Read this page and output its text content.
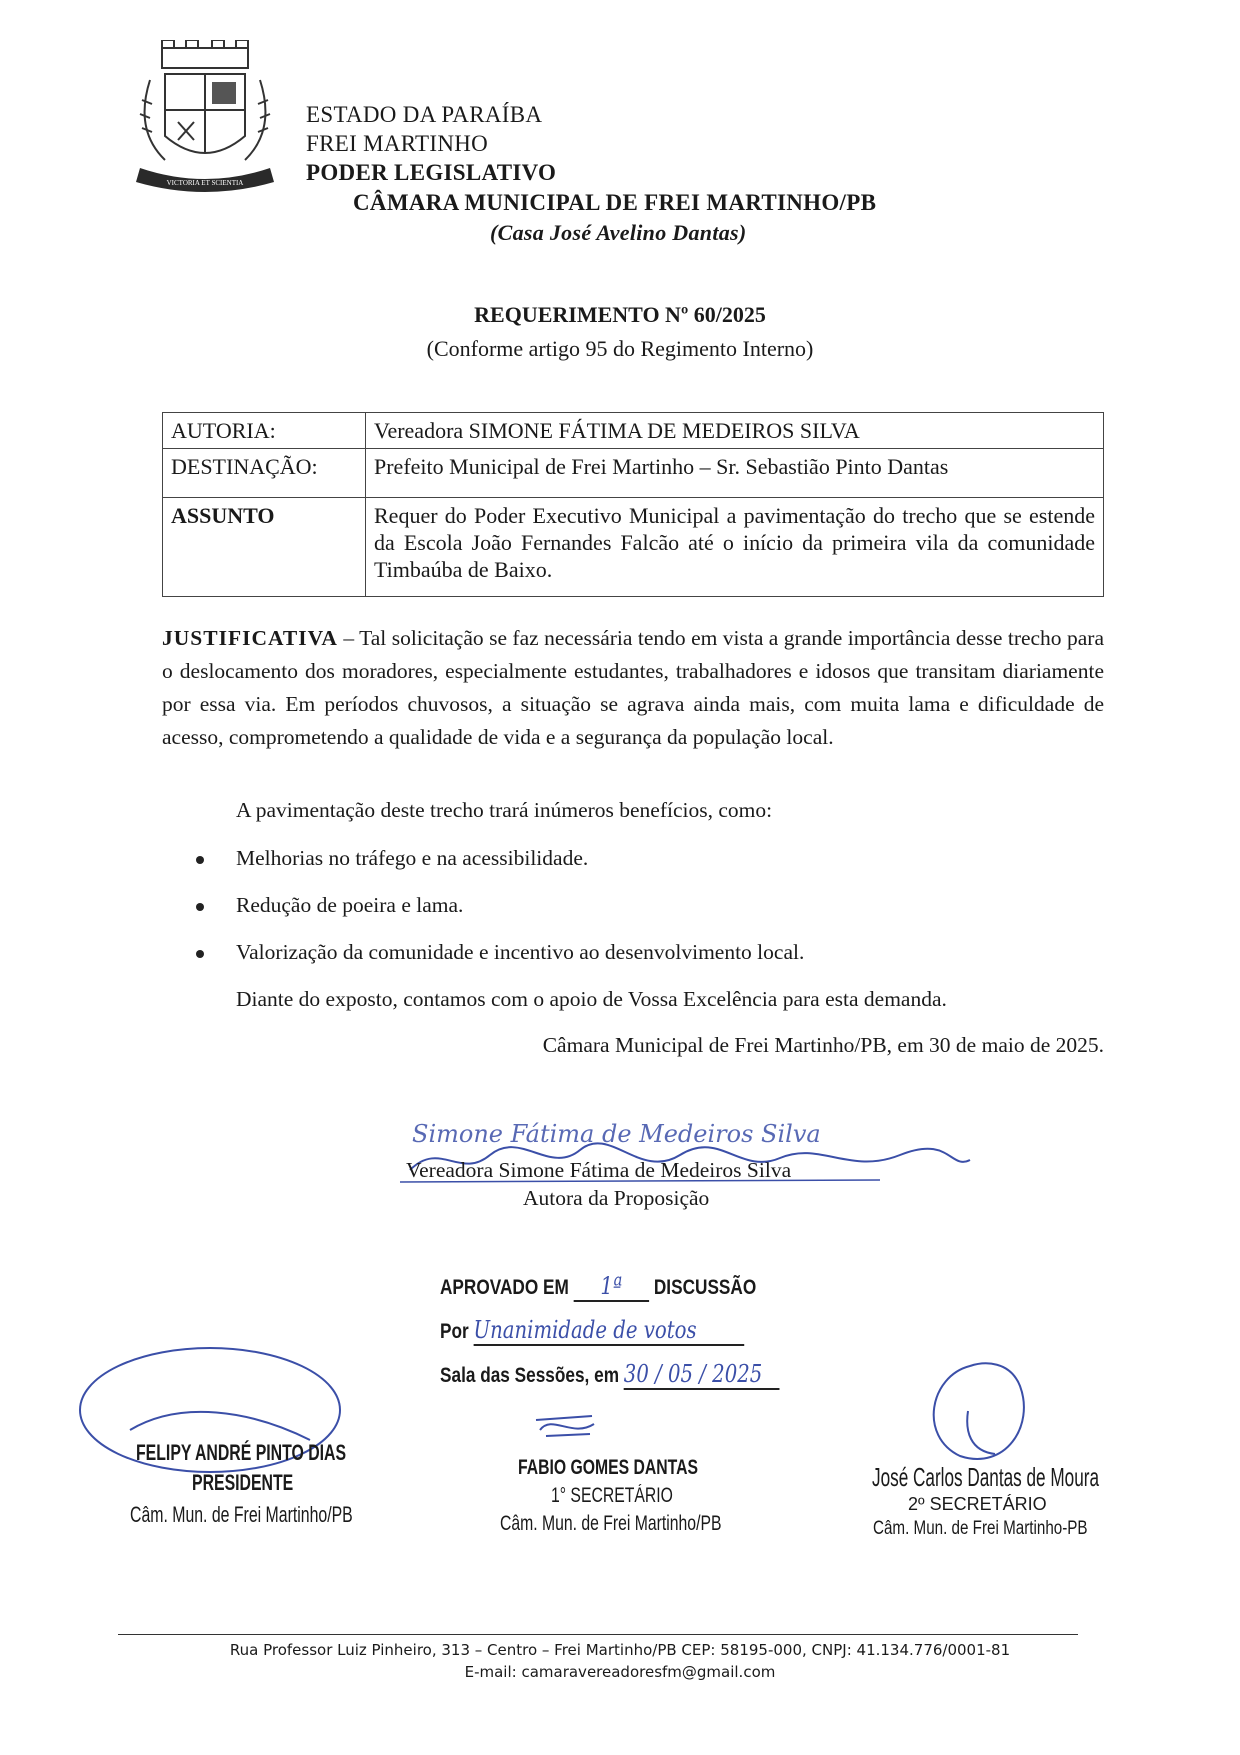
VICTORIA ET SCIENTIA
ESTADO DA PARAÍBA
FREI MARTINHO
PODER LEGISLATIVO
CÂMARA MUNICIPAL DE FREI MARTINHO/PB
(Casa José Avelino Dantas)
REQUERIMENTO Nº 60/2025
(Conforme artigo 95 do Regimento Interno)
AUTORIA:	Vereadora SIMONE FÁTIMA DE MEDEIROS SILVA
DESTINAÇÃO:	Prefeito Municipal de Frei Martinho – Sr. Sebastião Pinto Dantas
ASSUNTO	Requer do Poder Executivo Municipal a pavimentação do trecho que se estende da Escola João Fernandes Falcão até o início da primeira vila da comunidade Timbaúba de Baixo.
JUSTIFICATIVA – Tal solicitação se faz necessária tendo em vista a grande importância desse trecho para o deslocamento dos moradores, especialmente estudantes, trabalhadores e idosos que transitam diariamente por essa via. Em períodos chuvosos, a situação se agrava ainda mais, com muita lama e dificuldade de acesso, comprometendo a qualidade de vida e a segurança da população local.
A pavimentação deste trecho trará inúmeros benefícios, como:
Melhorias no tráfego e na acessibilidade.
Redução de poeira e lama.
Valorização da comunidade e incentivo ao desenvolvimento local.
Diante do exposto, contamos com o apoio de Vossa Excelência para esta demanda.
Câmara Municipal de Frei Martinho/PB, em 30 de maio de 2025.
Simone Fátima de Medeiros Silva
Vereadora Simone Fátima de Medeiros Silva
Autora da Proposição
APROVADO EM 1ª DISCUSSÃO
Por Unanimidade de votos
Sala das Sessões, em 30 / 05 / 2025
FELIPY ANDRÉ PINTO DIAS
PRESIDENTE
Câm. Mun. de Frei Martinho/PB
FABIO GOMES DANTAS
1° SECRETÁRIO
Câm. Mun. de Frei Martinho/PB
José Carlos Dantas de Moura
2º SECRETÁRIO
Câm. Mun. de Frei Martinho-PB
Rua Professor Luiz Pinheiro, 313 – Centro – Frei Martinho/PB CEP: 58195-000, CNPJ: 41.134.776/0001-81
E-mail: camaravereadoresfm@gmail.com
